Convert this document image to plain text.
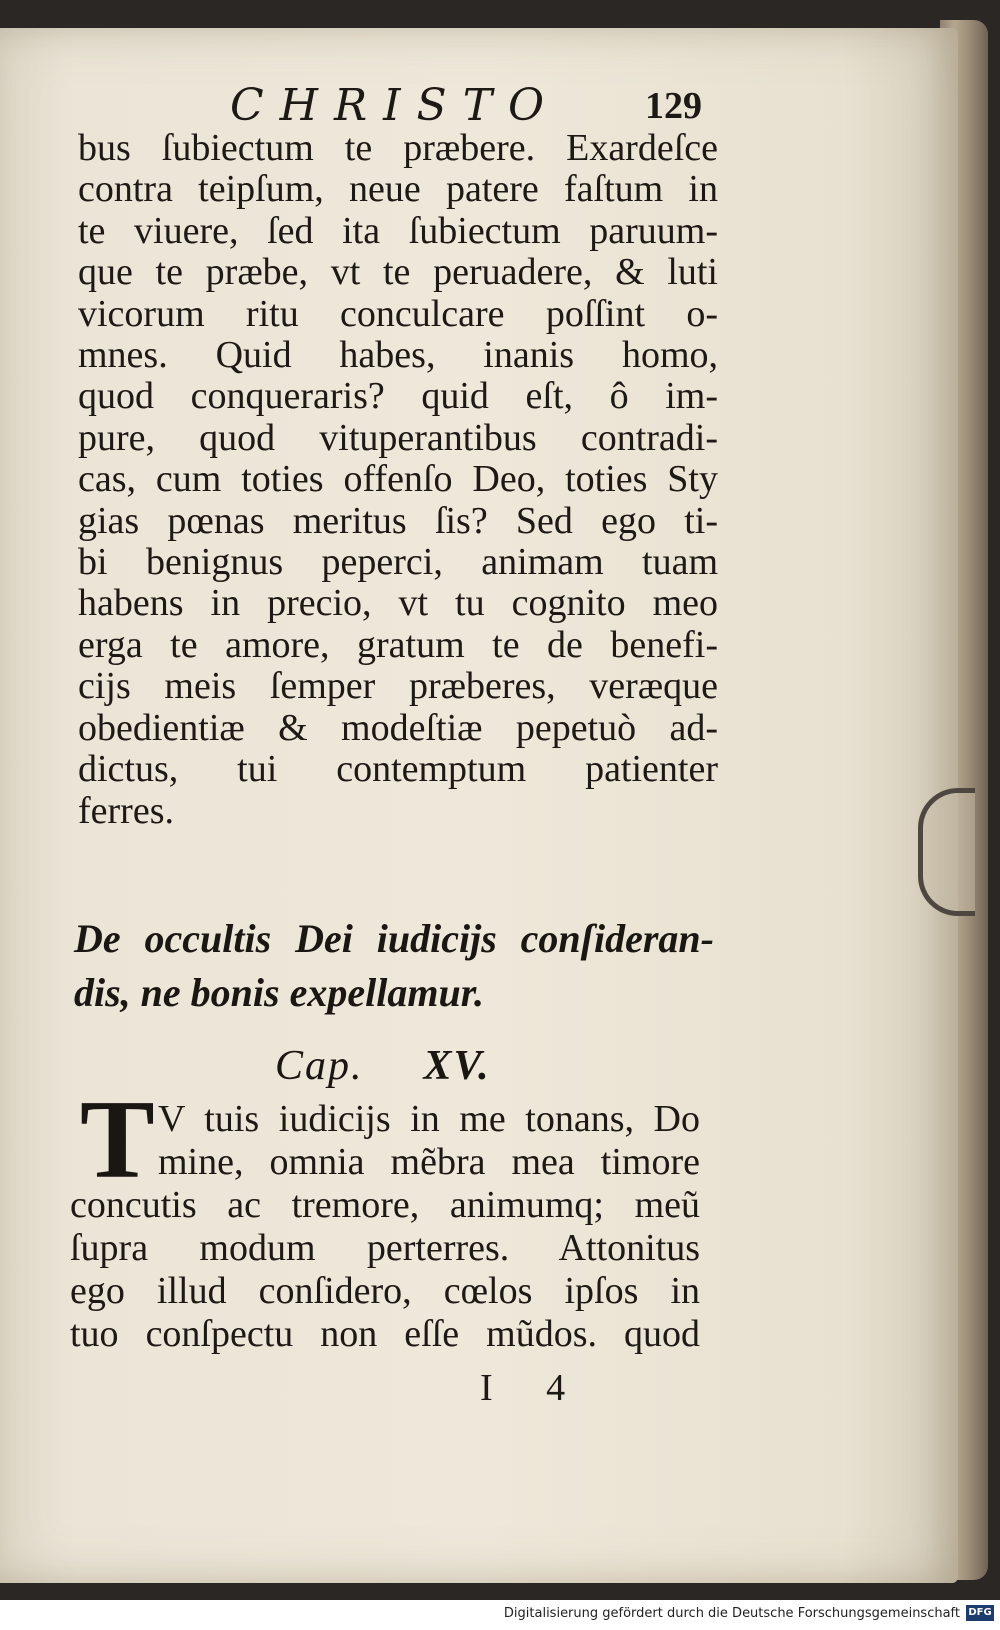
CHRISTO 129
bus ſubiectum te præbere. Exardeſce
contra teipſum, neue patere faſtum in
te viuere, ſed ita ſubiectum paruum-
que te præbe, vt te peruadere, & luti
vicorum ritu conculcare poſſint o-
mnes. Quid habes, inanis homo,
quod conqueraris? quid eſt, ô im-
pure, quod vituperantibus contradi-
cas, cum toties offenſo Deo, toties Sty
gias pœnas meritus ſis? Sed ego ti-
bi benignus peperci, animam tuam
habens in precio, vt tu cognito meo
erga te amore, gratum te de benefi-
cijs meis ſemper præberes, veræque
obedientiæ & modeſtiæ pepetuò ad-
dictus, tui contemptum patienter
ferres.
De occultis Dei iudicijs conſideran-
dis, ne bonis expellamur.
Cap. XV.
T V tuis iudicijs in me tonans, Do
mine, omnia mẽbra mea timore
concutis ac tremore, animumq; meũ
ſupra modum perterres. Attonitus
ego illud conſidero, cœlos ipſos in
tuo conſpectu non eſſe mũdos. quod
I 4
Digitalisierung gefördert durch die Deutsche Forschungsgemeinschaft DFG
